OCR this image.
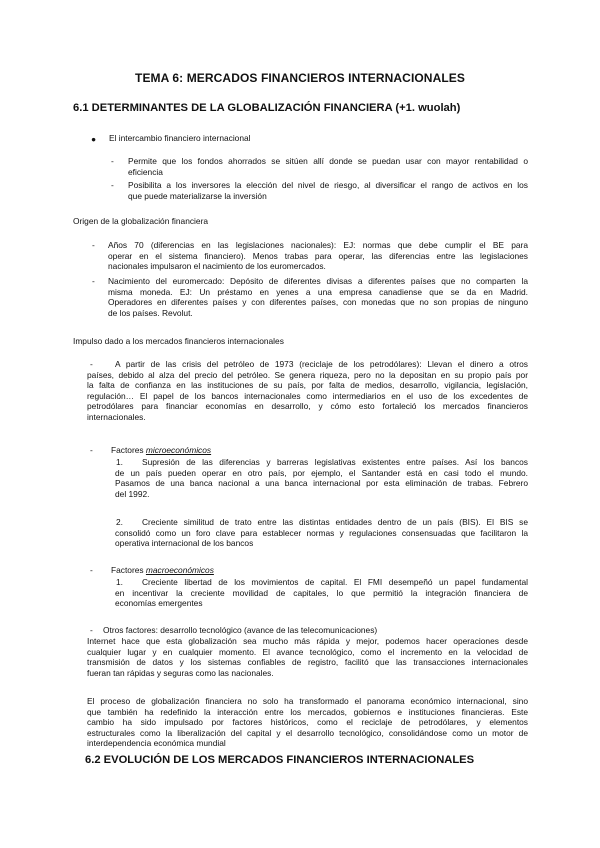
TEMA 6: MERCADOS FINANCIEROS INTERNACIONALES
6.1 DETERMINANTES DE LA GLOBALIZACIÓN FINANCIERA (+1. wuolah)
● El intercambio financiero internacional
- Permite que los fondos ahorrados se sitúen allí donde se puedan usar con mayor rentabilidad o
eficiencia
- Posibilita a los inversores la elección del nivel de riesgo, al diversificar el rango de activos en los
que puede materializarse la inversión
Origen de la globalización financiera
- Años 70 (diferencias en las legislaciones nacionales): EJ: normas que debe cumplir el BE para
operar en el sistema financiero). Menos trabas para operar, las diferencias entre las legislaciones
nacionales impulsaron el nacimiento de los euromercados.
- Nacimiento del euromercado: Depósito de diferentes divisas a diferentes países que no comparten la
misma moneda. EJ: Un préstamo en yenes a una empresa canadiense que se da en Madrid.
Operadores en diferentes países y con diferentes países, con monedas que no son propias de ninguno
de los países. Revolut.
Impulso dado a los mercados financieros internacionales
-	A partir de las crisis del petróleo de 1973 (reciclaje de los petrodólares): Llevan el dinero a otros
países, debido al alza del precio del petróleo. Se genera riqueza, pero no la depositan en su propio país por
la falta de confianza en las instituciones de su país, por falta de medios, desarrollo, vigilancia, legislación,
regulación… El papel de los bancos internacionales como intermediarios en el uso de los excedentes de
petrodólares para financiar economías en desarrollo, y cómo esto fortaleció los mercados financieros
internacionales.
- Factores microeconómicos
1.	Supresión de las diferencias y barreras legislativas existentes entre países. Así los bancos
de un país pueden operar en otro país, por ejemplo, el Santander está en casi todo el mundo.
Pasamos de una banca nacional a una banca internacional por esta eliminación de trabas. Febrero
del 1992.
2.	Creciente similitud de trato entre las distintas entidades dentro de un país (BIS). El BIS se
consolidó como un foro clave para establecer normas y regulaciones consensuadas que facilitaron la
operativa internacional de los bancos
- Factores macroeconómicos
1.	Creciente libertad de los movimientos de capital. El FMI desempeñó un papel fundamental
en incentivar la creciente movilidad de capitales, lo que permitió la integración financiera de
economías emergentes
- Otros factores: desarrollo tecnológico (avance de las telecomunicaciones)
Internet hace que esta globalización sea mucho más rápida y mejor, podemos hacer operaciones desde
cualquier lugar y en cualquier momento. El avance tecnológico, como el incremento en la velocidad de
transmisión de datos y los sistemas confiables de registro, facilitó que las transacciones internacionales
fueran tan rápidas y seguras como las nacionales.
El proceso de globalización financiera no solo ha transformado el panorama económico internacional, sino
que también ha redefinido la interacción entre los mercados, gobiernos e instituciones financieras. Este
cambio ha sido impulsado por factores históricos, como el reciclaje de petrodólares, y elementos
estructurales como la liberalización del capital y el desarrollo tecnológico, consolidándose como un motor de
interdependencia económica mundial
6.2 EVOLUCIÓN DE LOS MERCADOS FINANCIEROS INTERNACIONALES
